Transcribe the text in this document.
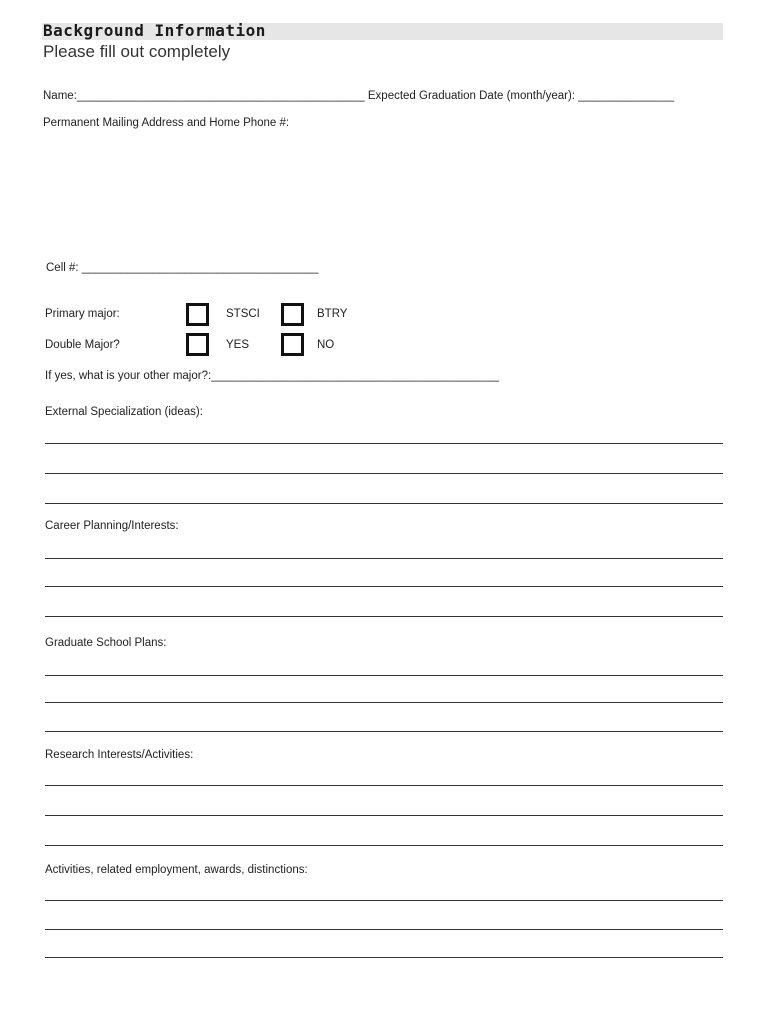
Background Information
Please fill out completely
Name:_____________________________________________ Expected Graduation Date (month/year): _______________
Permanent Mailing Address and Home Phone #:
Cell #: _____________________________________
Primary major:	STSCI	BTRY
Double Major?	YES	NO
If yes, what is your other major?:_____________________________________________
External Specialization (ideas):
Career Planning/Interests:
Graduate School Plans:
Research Interests/Activities:
Activities, related employment, awards, distinctions:
